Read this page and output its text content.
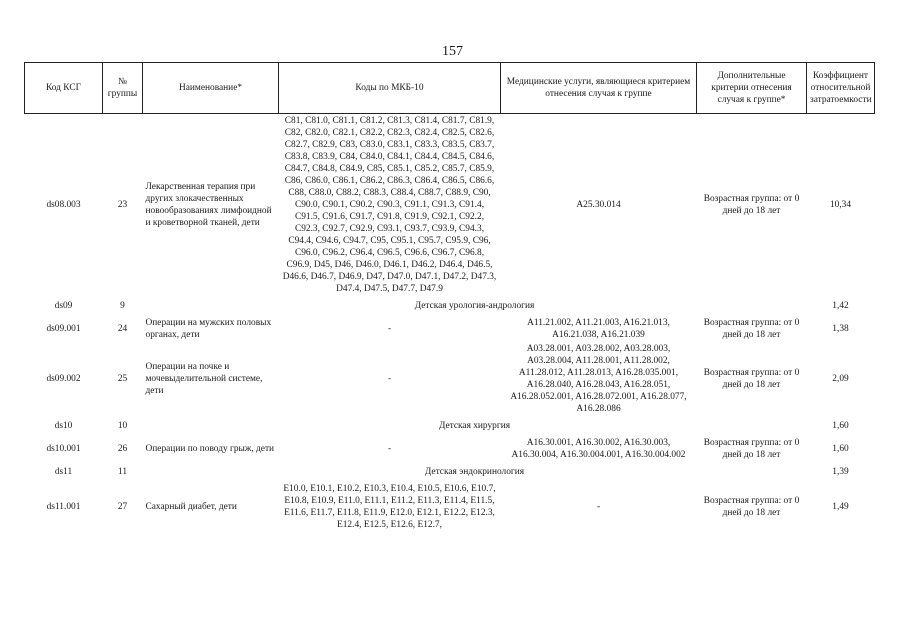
157
Код КСГ	№ группы	Наименование*	Коды по МКБ-10	Медицинские услуги, являющиеся критерием отнесения случая к группе	Дополнительные критерии отнесения случая к группе*	Коэффициент относительной затратоемкости
ds08.003	23	Лекарственная терапия при других злокачественных новообразованиях лимфоидной и кроветворной тканей, дети	C81, C81.0, C81.1, C81.2, C81.3, C81.4, C81.7, C81.9, C82, C82.0, C82.1, C82.2, C82.3, C82.4, C82.5, C82.6, C82.7, C82.9, C83, C83.0, C83.1, C83.3, C83.5, C83.7, C83.8, C83.9, C84, C84.0, C84.1, C84.4, C84.5, C84.6, C84.7, C84.8, C84.9, C85, C85.1, C85.2, C85.7, C85.9, C86, C86.0, C86.1, C86.2, C86.3, C86.4, C86.5, C86.6, C88, C88.0, C88.2, C88.3, C88.4, C88.7, C88.9, C90, C90.0, C90.1, C90.2, C90.3, C91.1, C91.3, C91.4, C91.5, C91.6, C91.7, C91.8, C91.9, C92.1, C92.2, C92.3, C92.7, C92.9, C93.1, C93.7, C93.9, C94.3, C94.4, C94.6, C94.7, C95, C95.1, C95.7, C95.9, C96, C96.0, C96.2, C96.4, C96.5, C96.6, C96.7, C96.8, C96.9, D45, D46, D46.0, D46.1, D46.2, D46.4, D46.5, D46.6, D46.7, D46.9, D47, D47.0, D47.1, D47.2, D47.3, D47.4, D47.5, D47.7, D47.9	A25.30.014	Возрастная группа: от 0 дней до 18 лет	10,34
ds09	9	Детская урология-андрология				1,42
ds09.001	24	Операции на мужских половых органах, дети	-	A11.21.002, A11.21.003, A16.21.013, A16.21.038, A16.21.039	Возрастная группа: от 0 дней до 18 лет	1,38
ds09.002	25	Операции на почке и мочевыделительной системе, дети	-	A03.28.001, A03.28.002, A03.28.003, A03.28.004, A11.28.001, A11.28.002, A11.28.012, A11.28.013, A16.28.035.001, A16.28.040, A16.28.043, A16.28.051, A16.28.052.001, A16.28.072.001, A16.28.077, A16.28.086	Возрастная группа: от 0 дней до 18 лет	2,09
ds10	10	Детская хирургия				1,60
ds10.001	26	Операции по поводу грыж, дети	-	A16.30.001, A16.30.002, A16.30.003, A16.30.004, A16.30.004.001, A16.30.004.002	Возрастная группа: от 0 дней до 18 лет	1,60
ds11	11	Детская эндокринология				1,39
ds11.001	27	Сахарный диабет, дети	E10.0, E10.1, E10.2, E10.3, E10.4, E10.5, E10.6, E10.7, E10.8, E10.9, E11.0, E11.1, E11.2, E11.3, E11.4, E11.5, E11.6, E11.7, E11.8, E11.9, E12.0, E12.1, E12.2, E12.3, E12.4, E12.5, E12.6, E12.7,	-	Возрастная группа: от 0 дней до 18 лет	1,49
